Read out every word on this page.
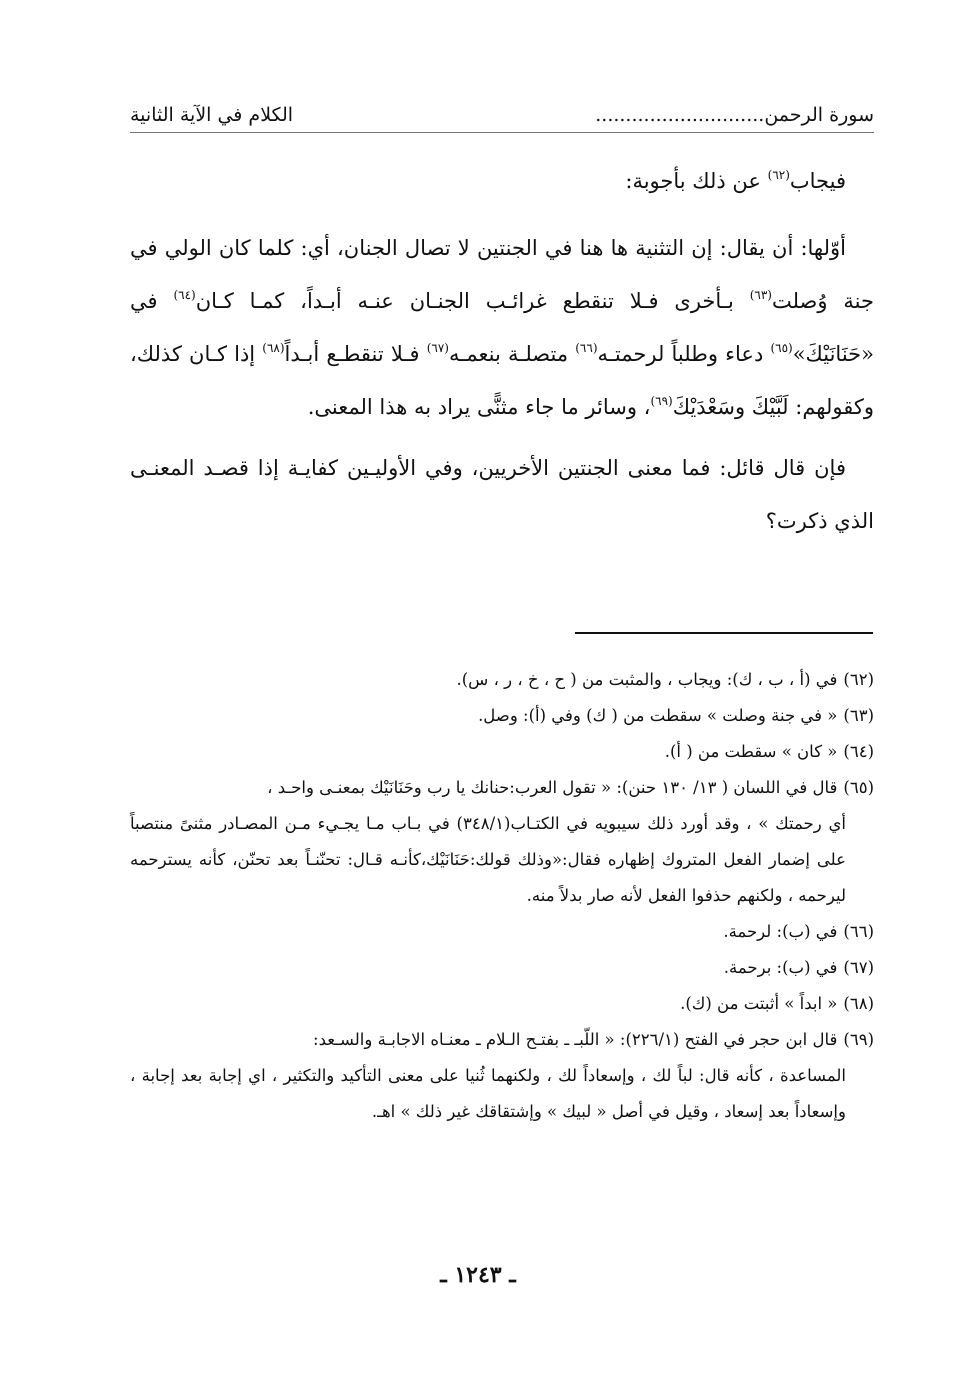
سورة الرحمن............................
الكلام في الآية الثانية

فيجاب$^{(٦٢)}$ عن ذلك بأجوبة:

أوّلها: أن يقال: إن التثنية ها هنا في الجنتين لا تصال الجنان، أي: كلما كان الولي في جنة وُصلت$^{(٦٣)}$ بـأخرى فـلا تنقطع غرائـب الجنـان عنـه أبـداً، كمـا كـان$^{(٦٤)}$ في «حَنَانَيْكَ»$^{(٦٥)}$ دعاء وطلباً لرحمتـه$^{(٦٦)}$ متصلـة بنعمـه$^{(٦٧)}$ فـلا تنقطـع أبـداً$^{(٦٨)}$ إذا كـان كذلك، وكقولهم: لَبَّيْكَ وسَعْدَيْكَ$^{(٦٩)}$، وسائر ما جاء مثنًّى يراد به هذا المعنى.

فإن قال قائل: فما معنى الجنتين الأخريين، وفي الأوليـين كفايـة إذا قصـد المعنـى الذي ذكرت؟

(٦٢)في (أ ، ب ، ك): ويجاب ، والمثبت من ( ح ، خ ، ر ، س).

(٦٣)« في جنة وصلت » سقطت من ( ك) وفي (أ): وصل.

(٦٤)« كان » سقطت من ( أ).

(٦٥)قال في اللسان ( ١٣/ ١٣٠ حنن): « تقول العرب:حنانك يا رب وحَنَانَيْك بمعنـى واحـد ،

أي رحمتك » ، وقد أورد ذلك سيبويه في الكتـاب(٣٤٨/١) في بـاب مـا يجـيء مـن المصـادر مثنىً منتصباً على إضمار الفعل المتروك إظهاره فقال:«وذلك قولك:حَنَانَيْك،كأنـه قـال: تحنّنـاً بعد تحنّن، كأنه يسترحمه ليرحمه ، ولكنهم حذفوا الفعل لأنه صار بدلاً منه.

(٦٦)في (ب): لرحمة.

(٦٧)في (ب): برحمة.

(٦٨)« ابداً » أثبتت من (ك).

(٦٩)قال ابن حجر في الفتح (٢٢٦/١): « اللّبـ ـ بفتـح الـلام ـ معنـاه الاجابـة والسـعد:

المساعدة ، كأنه قال: لباً لك ، وإسعاداً لك ، ولكنهما ثُنيا على معنى التأكيد والتكثير ، اي إجابة بعد إجابة ، وإسعاداً بعد إسعاد ، وقيل في أصل « لبيك » وإشتقاقك غير ذلك » اهـ.

ـ ١٢٤٣ ـ
